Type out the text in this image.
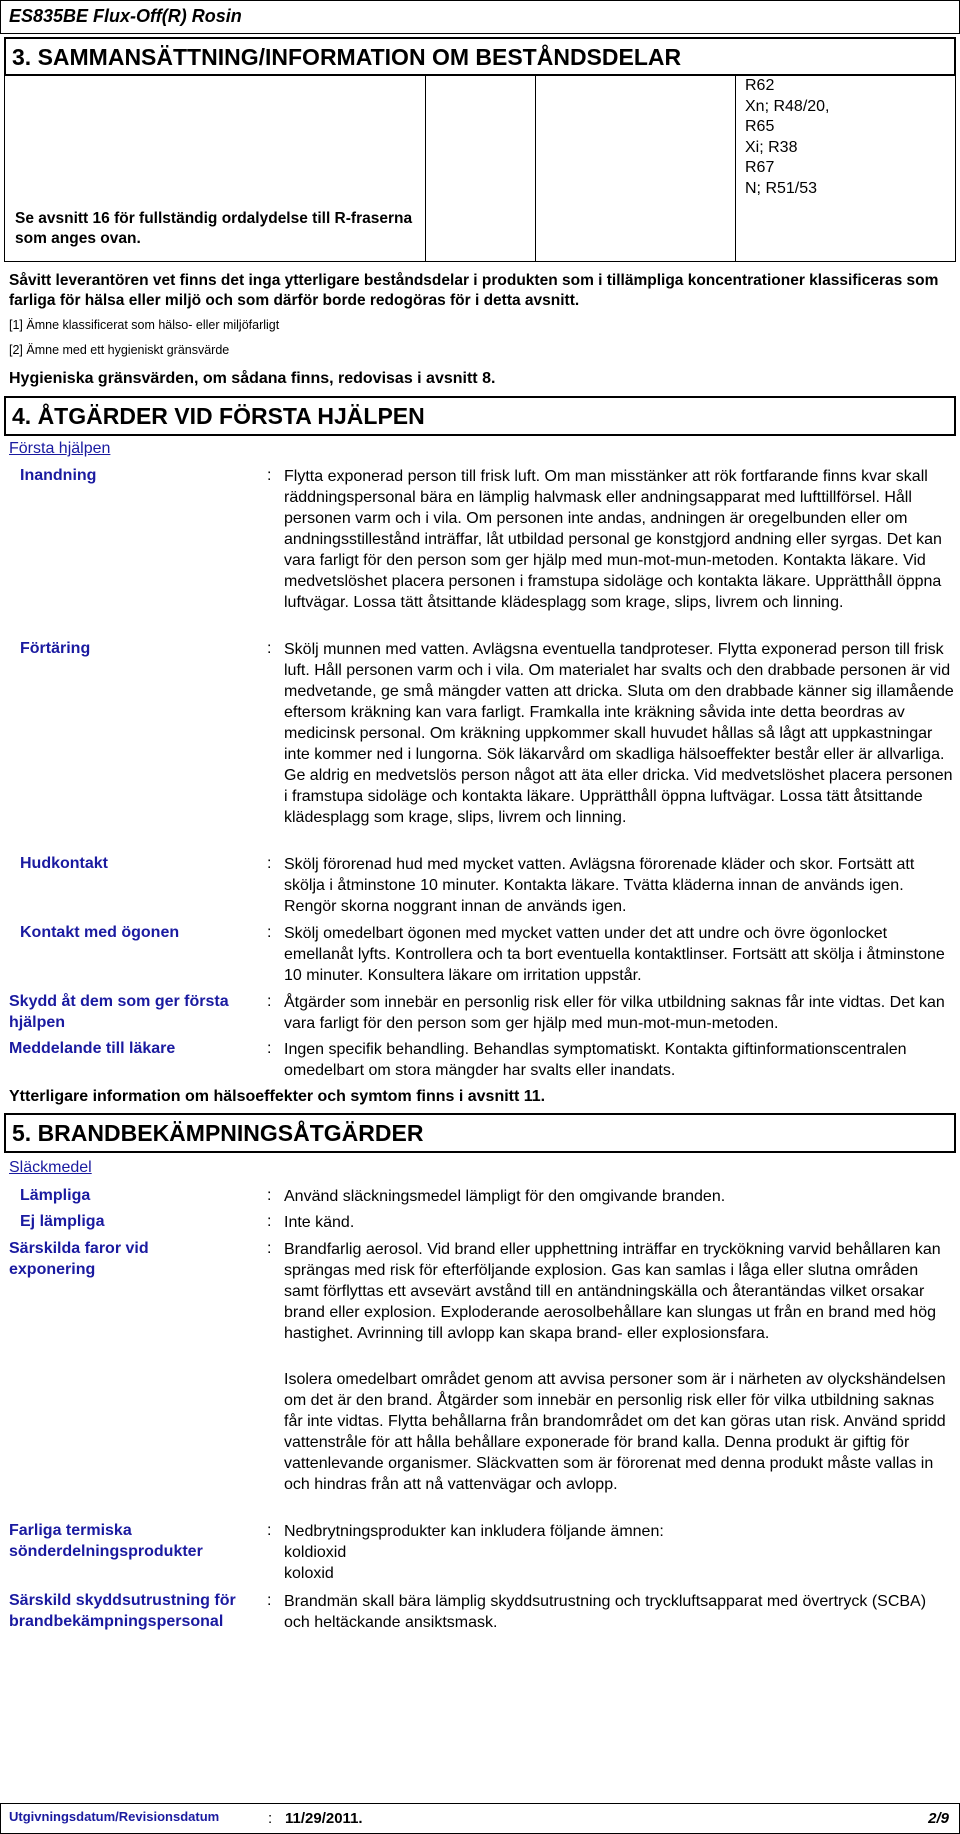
ES835BE Flux-Off(R) Rosin
3. SAMMANSÄTTNING/INFORMATION OM BESTÅNDSDELAR
Se avsnitt 16 för fullständig ordalydelse till R-fraserna som anges ovan.
R62
Xn; R48/20,
R65
Xi; R38
R67
N; R51/53
Såvitt leverantören vet finns det inga ytterligare beståndsdelar i produkten som i tillämpliga koncentrationer klassificeras som farliga för hälsa eller miljö och som därför borde redogöras för i detta avsnitt.
[1] Ämne klassificerat som hälso- eller miljöfarligt
[2] Ämne med ett hygieniskt gränsvärde
Hygieniska gränsvärden, om sådana finns, redovisas i avsnitt 8.
4. ÅTGÄRDER VID FÖRSTA HJÄLPEN
Första hjälpen
Inandning	: Flytta exponerad person till frisk luft. Om man misstänker att rök fortfarande finns kvar skall räddningspersonal bära en lämplig halvmask eller andningsapparat med lufttillförsel. Håll personen varm och i vila. Om personen inte andas, andningen är oregelbunden eller om andningsstillestånd inträffar, låt utbildad personal ge konstgjord andning eller syrgas. Det kan vara farligt för den person som ger hjälp med mun-mot-mun-metoden. Kontakta läkare. Vid medvetslöshet placera personen i framstupa sidoläge och kontakta läkare. Upprätthåll öppna luftvägar. Lossa tätt åtsittande klädesplagg som krage, slips, livrem och linning.
Förtäring	: Skölj munnen med vatten. Avlägsna eventuella tandproteser. Flytta exponerad person till frisk luft. Håll personen varm och i vila. Om materialet har svalts och den drabbade personen är vid medvetande, ge små mängder vatten att dricka. Sluta om den drabbade känner sig illamående eftersom kräkning kan vara farligt. Framkalla inte kräkning såvida inte detta beordras av medicinsk personal. Om kräkning uppkommer skall huvudet hållas så lågt att uppkastningar inte kommer ned i lungorna. Sök läkarvård om skadliga hälsoeffekter består eller är allvarliga. Ge aldrig en medvetslös person något att äta eller dricka. Vid medvetslöshet placera personen i framstupa sidoläge och kontakta läkare. Upprätthåll öppna luftvägar. Lossa tätt åtsittande klädesplagg som krage, slips, livrem och linning.
Hudkontakt	: Skölj förorenad hud med mycket vatten. Avlägsna förorenade kläder och skor. Fortsätt att skölja i åtminstone 10 minuter. Kontakta läkare. Tvätta kläderna innan de används igen. Rengör skorna noggrant innan de används igen.
Kontakt med ögonen	: Skölj omedelbart ögonen med mycket vatten under det att undre och övre ögonlocket emellanåt lyfts. Kontrollera och ta bort eventuella kontaktlinser. Fortsätt att skölja i åtminstone 10 minuter. Konsultera läkare om irritation uppstår.
Skydd åt dem som ger första hjälpen
: Åtgärder som innebär en personlig risk eller för vilka utbildning saknas får inte vidtas. Det kan vara farligt för den person som ger hjälp med mun-mot-mun-metoden.
Meddelande till läkare	: Ingen specifik behandling. Behandlas symptomatiskt. Kontakta giftinformationscentralen omedelbart om stora mängder har svalts eller inandats.
Ytterligare information om hälsoeffekter och symtom finns i avsnitt 11.
5. BRANDBEKÄMPNINGSÅTGÄRDER
Släckmedel
Lämpliga	: Använd släckningsmedel lämpligt för den omgivande branden.
Ej lämpliga	: Inte känd.
Särskilda faror vid exponering
: Brandfarlig aerosol. Vid brand eller upphettning inträffar en tryckökning varvid behållaren kan sprängas med risk för efterföljande explosion. Gas kan samlas i låga eller slutna områden samt förflyttas ett avsevärt avstånd till en antändningskälla och återantändas vilket orsakar brand eller explosion. Exploderande aerosolbehållare kan slungas ut från en brand med hög hastighet. Avrinning till avlopp kan skapa brand- eller explosionsfara.
Isolera omedelbart området genom att avvisa personer som är i närheten av olyckshändelsen om det är den brand. Åtgärder som innebär en personlig risk eller för vilka utbildning saknas får inte vidtas. Flytta behållarna från brandområdet om det kan göras utan risk. Använd spridd vattenstråle för att hålla behållare exponerade för brand kalla. Denna produkt är giftig för vattenlevande organismer. Släckvatten som är förorenat med denna produkt måste vallas in och hindras från att nå vattenvägar och avlopp.
Farliga termiska sönderdelningsprodukter
: Nedbrytningsprodukter kan inkludera följande ämnen:
koldioxid
koloxid
Särskild skyddsutrustning för brandbekämpningspersonal
: Brandmän skall bära lämplig skyddsutrustning och tryckluftsapparat med övertryck (SCBA) och heltäckande ansiktsmask.
Utgivningsdatum/Revisionsdatum	: 11/29/2011.	2/9
